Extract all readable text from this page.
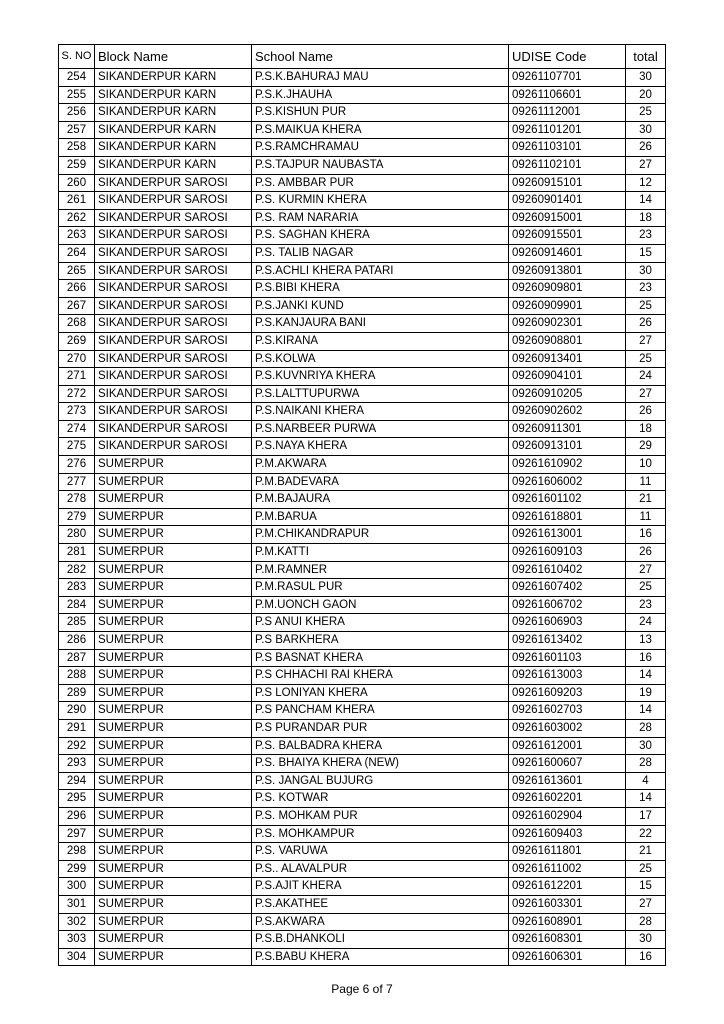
S. NO	Block Name	School Name	UDISE Code	total
254	SIKANDERPUR KARN	P.S.K.BAHURAJ MAU	09261107701	30
255	SIKANDERPUR KARN	P.S.K.JHAUHA	09261106601	20
256	SIKANDERPUR KARN	P.S.KISHUN PUR	09261112001	25
257	SIKANDERPUR KARN	P.S.MAIKUA KHERA	09261101201	30
258	SIKANDERPUR KARN	P.S.RAMCHRAMAU	09261103101	26
259	SIKANDERPUR KARN	P.S.TAJPUR NAUBASTA	09261102101	27
260	SIKANDERPUR SAROSI	P.S. AMBBAR PUR	09260915101	12
261	SIKANDERPUR SAROSI	P.S. KURMIN KHERA	09260901401	14
262	SIKANDERPUR SAROSI	P.S. RAM NARARIA	09260915001	18
263	SIKANDERPUR SAROSI	P.S. SAGHAN KHERA	09260915501	23
264	SIKANDERPUR SAROSI	P.S. TALIB NAGAR	09260914601	15
265	SIKANDERPUR SAROSI	P.S.ACHLI KHERA PATARI	09260913801	30
266	SIKANDERPUR SAROSI	P.S.BIBI KHERA	09260909801	23
267	SIKANDERPUR SAROSI	P.S.JANKI KUND	09260909901	25
268	SIKANDERPUR SAROSI	P.S.KANJAURA BANI	09260902301	26
269	SIKANDERPUR SAROSI	P.S.KIRANA	09260908801	27
270	SIKANDERPUR SAROSI	P.S.KOLWA	09260913401	25
271	SIKANDERPUR SAROSI	P.S.KUVNRIYA KHERA	09260904101	24
272	SIKANDERPUR SAROSI	P.S.LALTTUPURWA	09260910205	27
273	SIKANDERPUR SAROSI	P.S.NAIKANI KHERA	09260902602	26
274	SIKANDERPUR SAROSI	P.S.NARBEER PURWA	09260911301	18
275	SIKANDERPUR SAROSI	P.S.NAYA KHERA	09260913101	29
276	SUMERPUR	P.M.AKWARA	09261610902	10
277	SUMERPUR	P.M.BADEVARA	09261606002	11
278	SUMERPUR	P.M.BAJAURA	09261601102	21
279	SUMERPUR	P.M.BARUA	09261618801	11
280	SUMERPUR	P.M.CHIKANDRAPUR	09261613001	16
281	SUMERPUR	P.M.KATTI	09261609103	26
282	SUMERPUR	P.M.RAMNER	09261610402	27
283	SUMERPUR	P.M.RASUL PUR	09261607402	25
284	SUMERPUR	P.M.UONCH GAON	09261606702	23
285	SUMERPUR	P.S ANUI KHERA	09261606903	24
286	SUMERPUR	P.S BARKHERA	09261613402	13
287	SUMERPUR	P.S BASNAT KHERA	09261601103	16
288	SUMERPUR	P.S CHHACHI RAI KHERA	09261613003	14
289	SUMERPUR	P.S LONIYAN KHERA	09261609203	19
290	SUMERPUR	P.S PANCHAM KHERA	09261602703	14
291	SUMERPUR	P.S PURANDAR PUR	09261603002	28
292	SUMERPUR	P.S. BALBADRA KHERA	09261612001	30
293	SUMERPUR	P.S. BHAIYA KHERA (NEW)	09261600607	28
294	SUMERPUR	P.S. JANGAL BUJURG	09261613601	4
295	SUMERPUR	P.S. KOTWAR	09261602201	14
296	SUMERPUR	P.S. MOHKAM PUR	09261602904	17
297	SUMERPUR	P.S. MOHKAMPUR	09261609403	22
298	SUMERPUR	P.S. VARUWA	09261611801	21
299	SUMERPUR	P.S.. ALAVALPUR	09261611002	25
300	SUMERPUR	P.S.AJIT KHERA	09261612201	15
301	SUMERPUR	P.S.AKATHEE	09261603301	27
302	SUMERPUR	P.S.AKWARA	09261608901	28
303	SUMERPUR	P.S.B.DHANKOLI	09261608301	30
304	SUMERPUR	P.S.BABU KHERA	09261606301	16
Page 6 of 7
